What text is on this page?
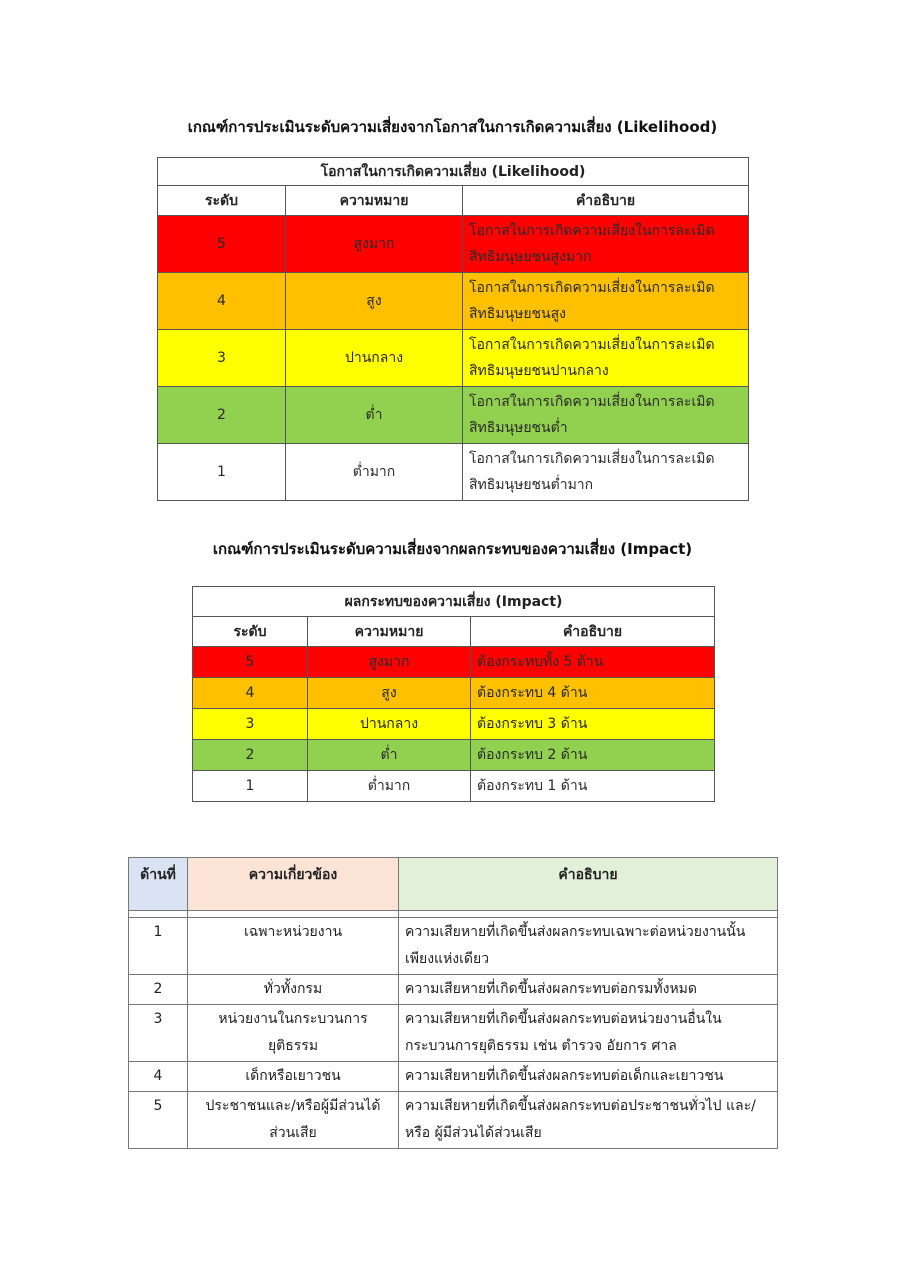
เกณฑ์การประเมินระดับความเสี่ยงจากโอกาสในการเกิดความเสี่ยง (Likelihood)
โอกาสในการเกิดความเสี่ยง (Likelihood)		
ระดับ	ความหมาย	คำอธิบาย
5	สูงมาก	โอกาสในการเกิดความเสี่ยงในการละเมิด สิทธิมนุษยชนสูงมาก
4	สูง	โอกาสในการเกิดความเสี่ยงในการละเมิด สิทธิมนุษยชนสูง
3	ปานกลาง	โอกาสในการเกิดความเสี่ยงในการละเมิด สิทธิมนุษยชนปานกลาง
2	ต่ำ	โอกาสในการเกิดความเสี่ยงในการละเมิด สิทธิมนุษยชนต่ำ
1	ต่ำมาก	โอกาสในการเกิดความเสี่ยงในการละเมิด สิทธิมนุษยชนต่ำมาก
เกณฑ์การประเมินระดับความเสี่ยงจากผลกระทบของความเสี่ยง (Impact)
ผลกระทบของความเสี่ยง (Impact)		
ระดับ	ความหมาย	คำอธิบาย
5	สูงมาก	ต้องกระทบทั้ง 5 ด้าน
4	สูง	ต้องกระทบ 4 ด้าน
3	ปานกลาง	ต้องกระทบ 3 ด้าน
2	ต่ำ	ต้องกระทบ 2 ด้าน
1	ต่ำมาก	ต้องกระทบ 1 ด้าน
ด้านที่	ความเกี่ยวข้อง	คำอธิบาย

1	เฉพาะหน่วยงาน	ความเสียหายที่เกิดขึ้นส่งผลกระทบเฉพาะต่อหน่วยงานนั้นเพียงแห่งเดียว
2	ทั่วทั้งกรม	ความเสียหายที่เกิดขึ้นส่งผลกระทบต่อกรมทั้งหมด
3	หน่วยงานในกระบวนการยุติธรรม	ความเสียหายที่เกิดขึ้นส่งผลกระทบต่อหน่วยงานอื่นในกระบวนการยุติธรรม เช่น ตำรวจ อัยการ ศาล
4	เด็กหรือเยาวชน	ความเสียหายที่เกิดขึ้นส่งผลกระทบต่อเด็กและเยาวชน
5	ประชาชนและ/หรือผู้มีส่วนได้ส่วนเสีย	ความเสียหายที่เกิดขึ้นส่งผลกระทบต่อประชาชนทั่วไป และ/หรือ ผู้มีส่วนได้ส่วนเสีย
